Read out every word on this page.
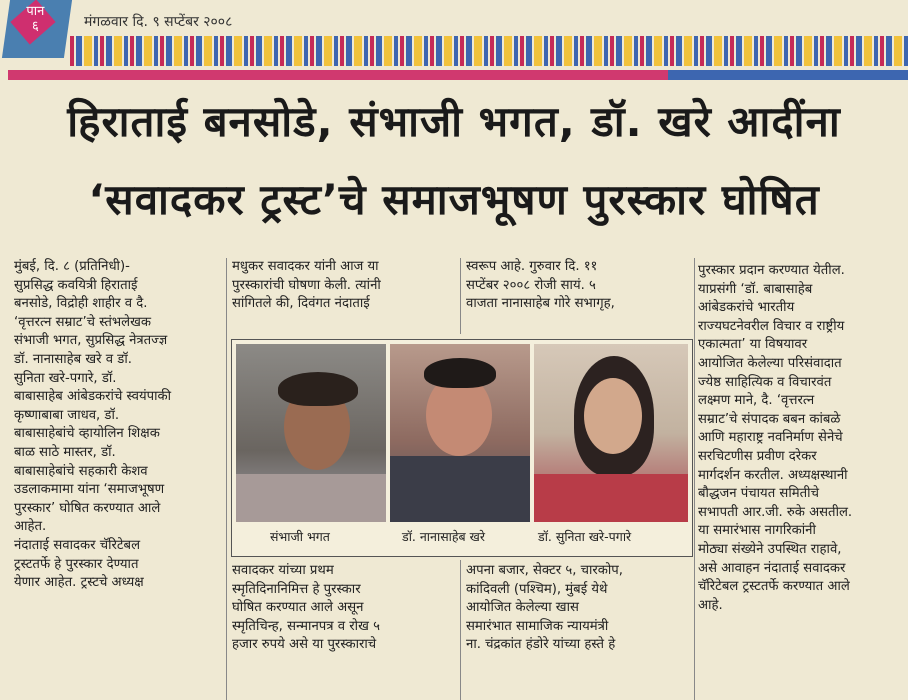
पान
६	मंगळवार दि. ९ सप्टेंबर २००८
हिराताई बनसोडे, संभाजी भगत, डॉ. खरे आदींना
‘सवादकर ट्रस्ट’चे समाजभूषण पुरस्कार घोषित

मुंबई, दि. ८ (प्रतिनिधी)-

सुप्रसिद्ध कवयित्री हिराताई

बनसोडे, विद्रोही शाहीर व दै.

‘वृत्तरत्न सम्राट’चे स्तंभलेखक

संभाजी भगत, सुप्रसिद्ध नेत्रतज्ज्ञ

डॉ. नानासाहेब खरे व डॉ.

सुनिता खरे-पगारे, डॉ.

बाबासाहेब आंबेडकरांचे स्वयंपाकी

कृष्णाबाबा जाधव, डॉ.

बाबासाहेबांचे व्हायोलिन शिक्षक

बाळ साठे मास्तर, डॉ.

बाबासाहेबांचे सहकारी केशव

उडलाकमामा यांना ‘समाजभूषण

पुरस्कार’ घोषित करण्यात आले

आहेत.

नंदाताई सवादकर चॅरिटेबल

ट्रस्टतर्फे हे पुरस्कार देण्यात

येणार आहेत. ट्रस्टचे अध्यक्ष

मधुकर सवादकर यांनी आज या

पुरस्कारांची घोषणा केली. त्यांनी

सांगितले की, दिवंगत नंदाताई

स्वरूप आहे. गुरुवार दि. ११

सप्टेंबर २००८ रोजी सायं. ५

वाजता नानासाहेब गोरे सभागृह,

पुरस्कार प्रदान करण्यात येतील.

याप्रसंगी ‘डॉ. बाबासाहेब

आंबेडकरांचे भारतीय

राज्यघटनेवरील विचार व राष्ट्रीय

एकात्मता’ या विषयावर

आयोजित केलेल्या परिसंवादात

ज्येष्ठ साहित्यिक व विचारवंत

लक्ष्मण माने, दै. ‘वृत्तरत्न

सम्राट’चे संपादक बबन कांबळे

आणि महाराष्ट्र नवनिर्माण सेनेचे

सरचिटणीस प्रवीण दरेकर

मार्गदर्शन करतील. अध्यक्षस्थानी

बौद्धजन पंचायत समितीचे

सभापती आर.जी. रुके असतील.

या समारंभास नागरिकांनी

मोठ्या संख्येने उपस्थित राहावे,

असे आवाहन नंदाताई सवादकर

चॅरिटेबल ट्रस्टतर्फे करण्यात आले

आहे.

संभाजी भगत	डॉ. नानासाहेब खरे	डॉ. सुनिता खरे-पगारे

सवादकर यांच्या प्रथम

स्मृतिदिनानिमित्त हे पुरस्कार

घोषित करण्यात आले असून

स्मृतिचिन्ह, सन्मानपत्र व रोख ५

हजार रुपये असे या पुरस्काराचे

अपना बजार, सेक्टर ५, चारकोप,

कांदिवली (पश्चिम), मुंबई येथे

आयोजित केलेल्या खास

समारंभात सामाजिक न्यायमंत्री

ना. चंद्रकांत हंडोरे यांच्या हस्ते हे
